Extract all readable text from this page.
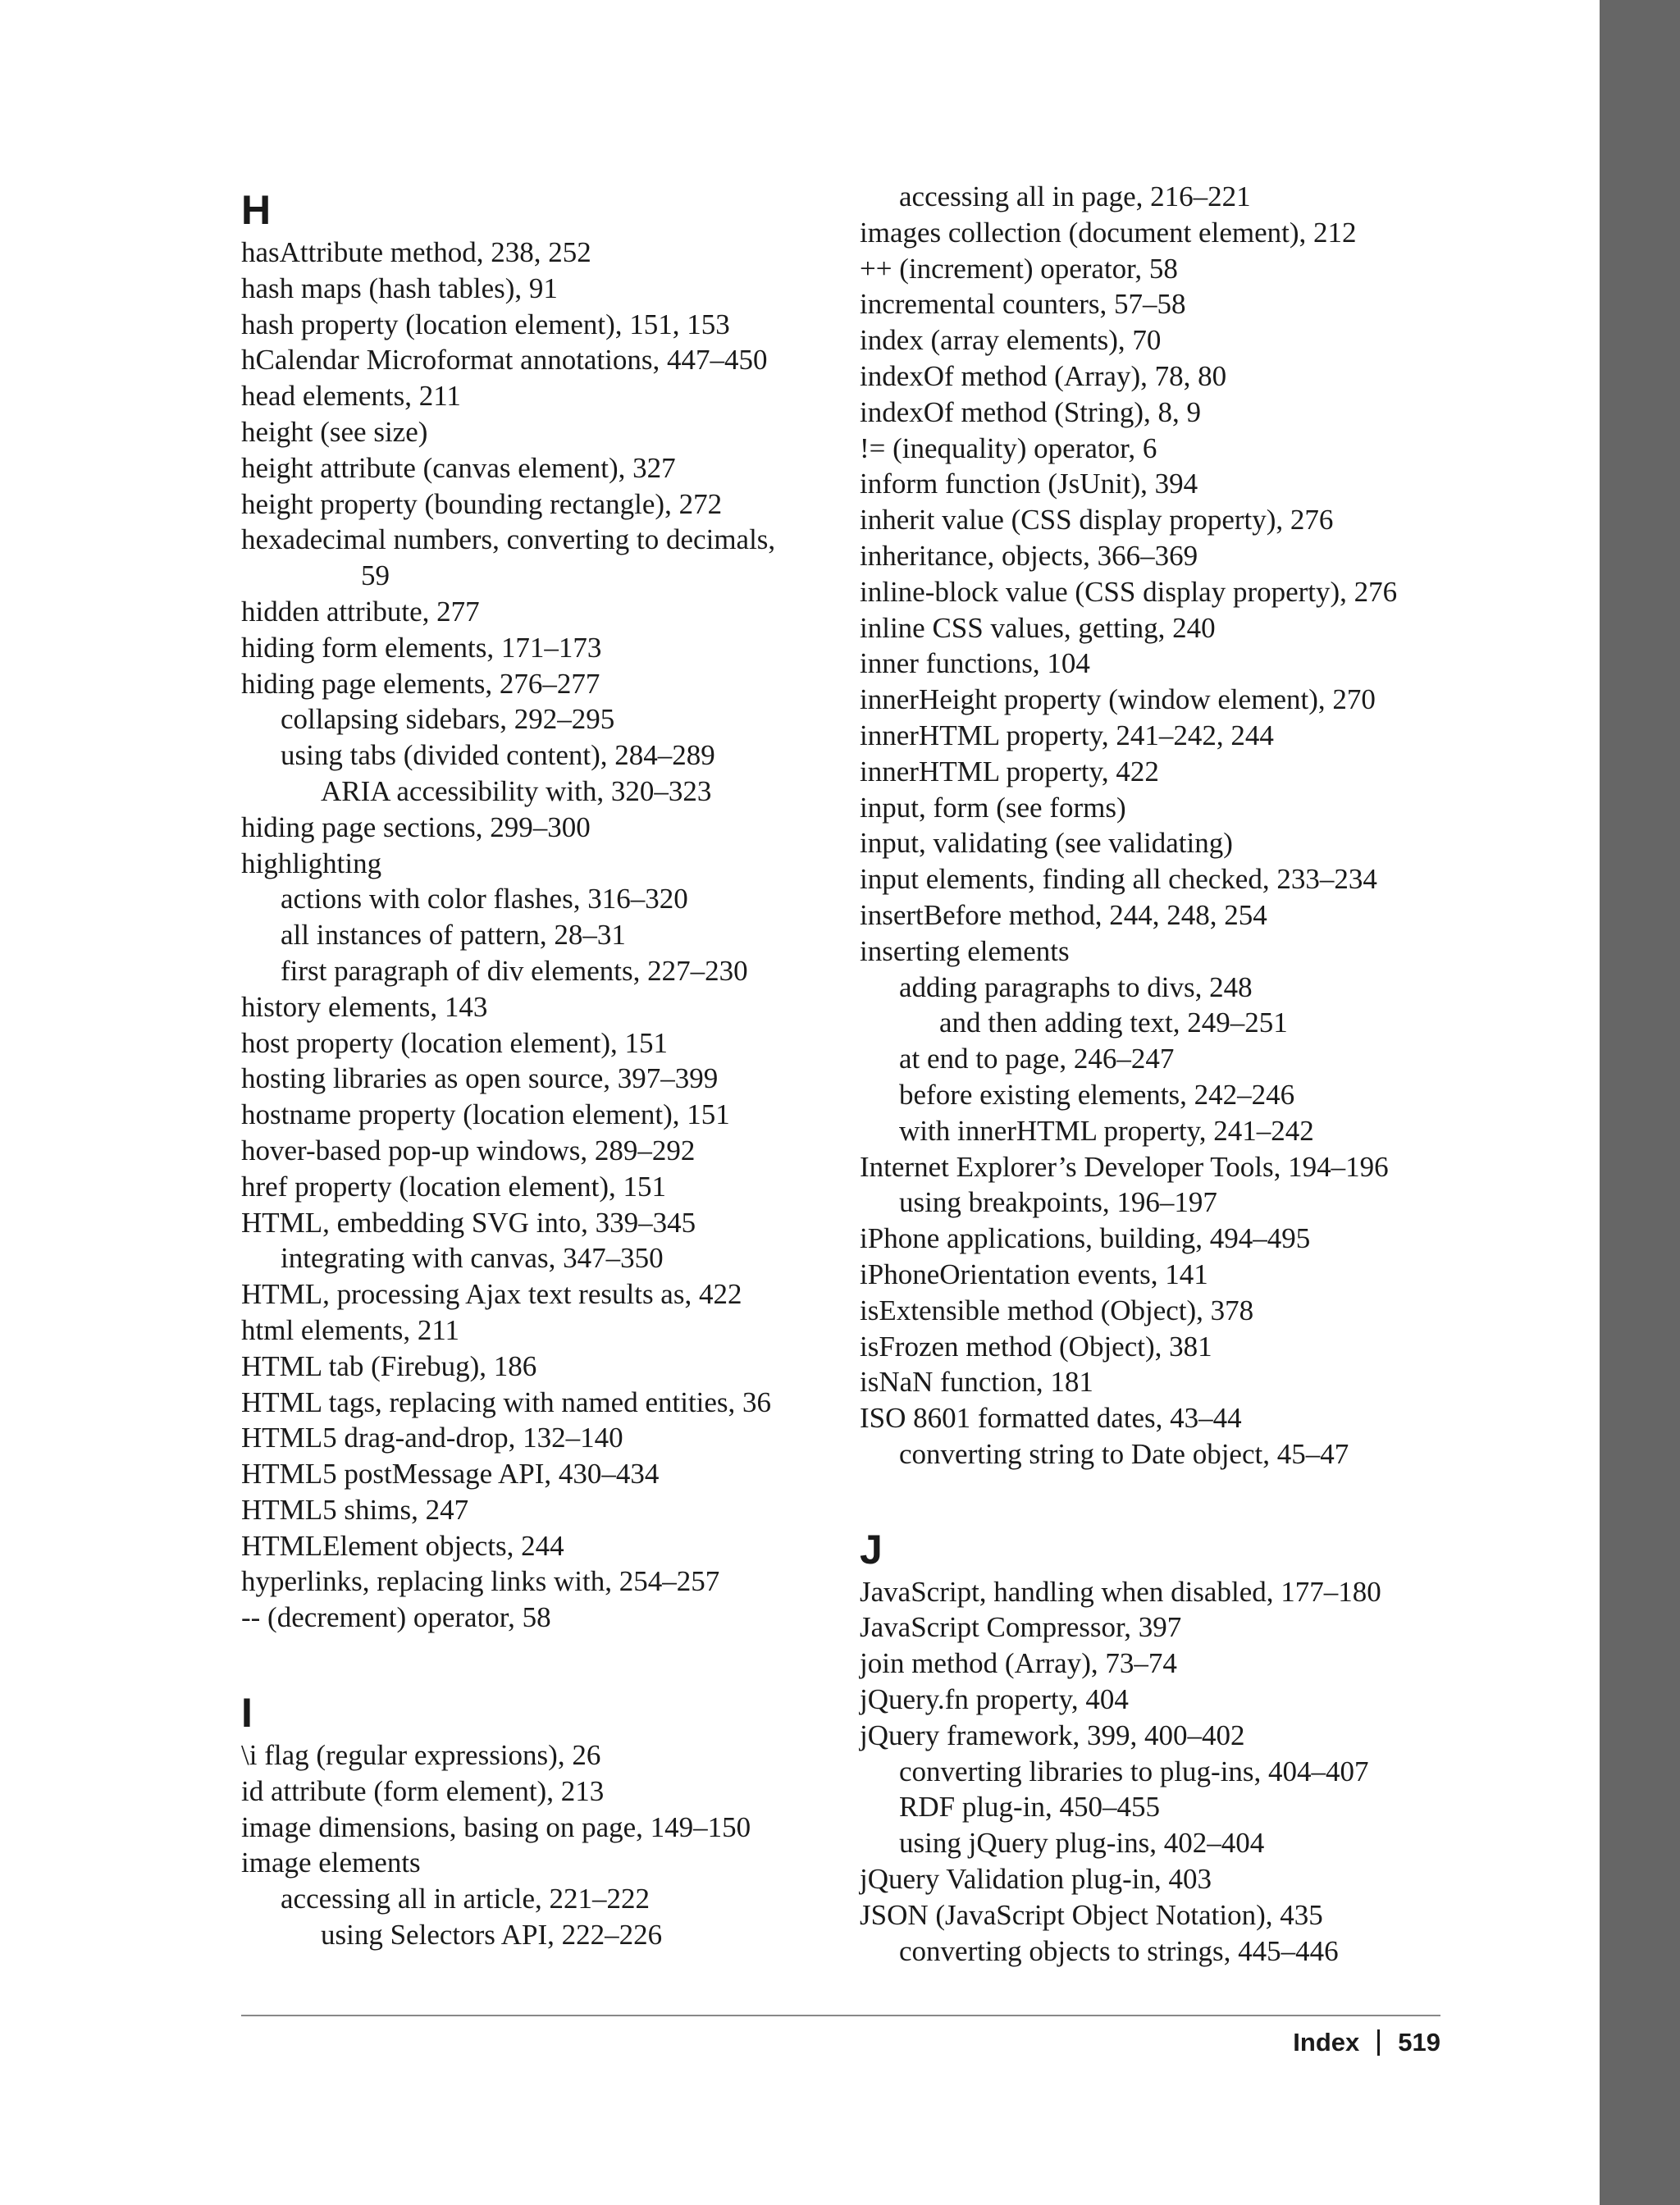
H
hasAttribute method, 238, 252
hash maps (hash tables), 91
hash property (location element), 151, 153
hCalendar Microformat annotations, 447–450
head elements, 211
height (see size)
height attribute (canvas element), 327
height property (bounding rectangle), 272
hexadecimal numbers, converting to decimals,
59
hidden attribute, 277
hiding form elements, 171–173
hiding page elements, 276–277
collapsing sidebars, 292–295
using tabs (divided content), 284–289
ARIA accessibility with, 320–323
hiding page sections, 299–300
highlighting
actions with color flashes, 316–320
all instances of pattern, 28–31
first paragraph of div elements, 227–230
history elements, 143
host property (location element), 151
hosting libraries as open source, 397–399
hostname property (location element), 151
hover-based pop-up windows, 289–292
href property (location element), 151
HTML, embedding SVG into, 339–345
integrating with canvas, 347–350
HTML, processing Ajax text results as, 422
html elements, 211
HTML tab (Firebug), 186
HTML tags, replacing with named entities, 36
HTML5 drag-and-drop, 132–140
HTML5 postMessage API, 430–434
HTML5 shims, 247
HTMLElement objects, 244
hyperlinks, replacing links with, 254–257
-- (decrement) operator, 58
I
\i flag (regular expressions), 26
id attribute (form element), 213
image dimensions, basing on page, 149–150
image elements
accessing all in article, 221–222
using Selectors API, 222–226
accessing all in page, 216–221
images collection (document element), 212
++ (increment) operator, 58
incremental counters, 57–58
index (array elements), 70
indexOf method (Array), 78, 80
indexOf method (String), 8, 9
!= (inequality) operator, 6
inform function (JsUnit), 394
inherit value (CSS display property), 276
inheritance, objects, 366–369
inline-block value (CSS display property), 276
inline CSS values, getting, 240
inner functions, 104
innerHeight property (window element), 270
innerHTML property, 241–242, 244
innerHTML property, 422
input, form (see forms)
input, validating (see validating)
input elements, finding all checked, 233–234
insertBefore method, 244, 248, 254
inserting elements
adding paragraphs to divs, 248
and then adding text, 249–251
at end to page, 246–247
before existing elements, 242–246
with innerHTML property, 241–242
Internet Explorer’s Developer Tools, 194–196
using breakpoints, 196–197
iPhone applications, building, 494–495
iPhoneOrientation events, 141
isExtensible method (Object), 378
isFrozen method (Object), 381
isNaN function, 181
ISO 8601 formatted dates, 43–44
converting string to Date object, 45–47
J
JavaScript, handling when disabled, 177–180
JavaScript Compressor, 397
join method (Array), 73–74
jQuery.fn property, 404
jQuery framework, 399, 400–402
converting libraries to plug-ins, 404–407
RDF plug-in, 450–455
using jQuery plug-ins, 402–404
jQuery Validation plug-in, 403
JSON (JavaScript Object Notation), 435
converting objects to strings, 445–446
Index 519
